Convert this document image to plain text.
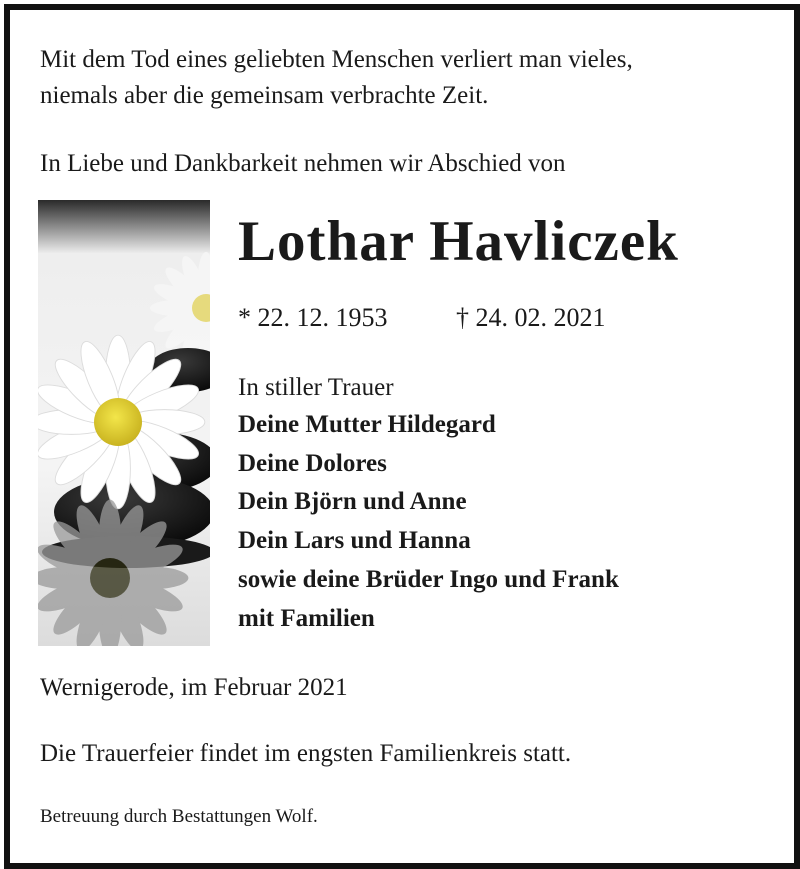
Mit dem Tod eines geliebten Menschen verliert man vieles,

niemals aber die gemeinsam verbrachte Zeit.

In Liebe und Dankbarkeit nehmen wir Abschied von

Lothar Havliczek

* 22. 12. 1953	† 24. 02. 2021

In stiller Trauer

Deine Mutter Hildegard
Deine Dolores
Dein Björn und Anne
Dein Lars und Hanna
sowie deine Brüder Ingo und Frank
mit Familien

Wernigerode, im Februar 2021

Die Trauerfeier findet im engsten Familienkreis statt.

Betreuung durch Bestattungen Wolf.
